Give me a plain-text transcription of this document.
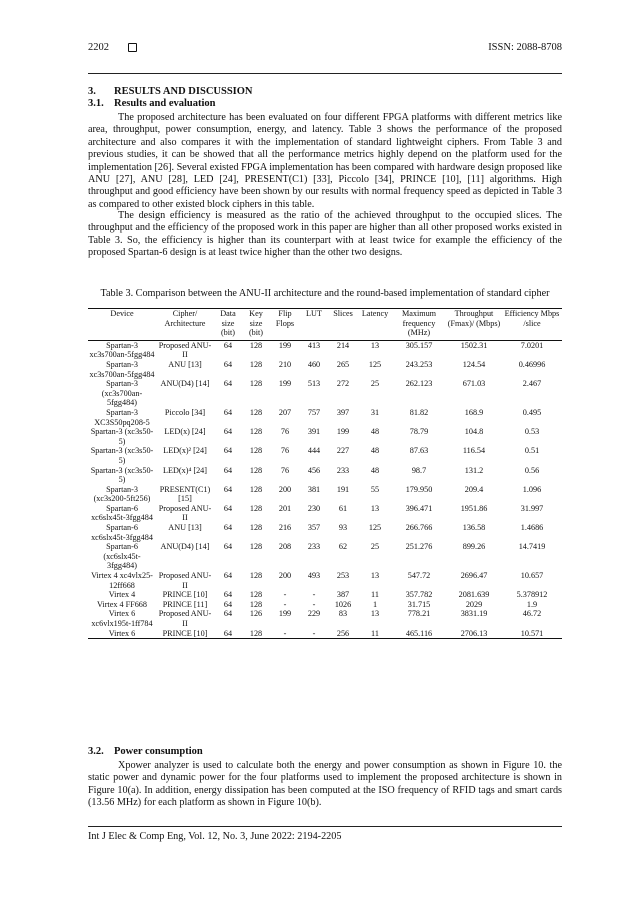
2202	ISSN: 2088-8708
3. RESULTS AND DISCUSSION
3.1. Results and evaluation

The proposed architecture has been evaluated on four different FPGA platforms with different metrics like area, throughput, power consumption, energy, and latency. Table 3 shows the performance of the proposed architecture and also compares it with the implementation of standard lightweight ciphers. From Table 3 and previous studies, it can be showed that all the performance metrics highly depend on the platform used for the implementation [26]. Several existed FPGA implementation has been compared with hardware design proposed like ANU [27], ANU [28], LED [24], PRESENT(C1) [33], Piccolo [34], PRINCE [10], [11] algorithms. High throughput and good efficiency have been shown by our results with normal frequency speed as depicted in Table 3 as compared to other existed block ciphers in this table.

The design efficiency is measured as the ratio of the achieved throughput to the occupied slices. The throughput and the efficiency of the proposed work in this paper are higher than all other proposed works existed in Table 3. So, the efficiency is higher than its counterpart with at least twice for example the efficiency of the proposed Spartan-6 design is at least twice higher than the other two designs.

Table 3. Comparison between the ANU-II architecture and the round-based implementation of standard cipher
Device	Cipher/ Architecture	Data size (bit)	Key size (bit)	Flip Flops	LUT	Slices	Latency	Maximum frequency (MHz)	Throughput (Fmax)/ (Mbps)	Efficiency Mbps /slice
Spartan-3 xc3s700an-5fgg484	Proposed ANU-II	64	128	199	413	214	13	305.157	1502.31	7.0201
Spartan-3 xc3s700an-5fgg484	ANU [13]	64	128	210	460	265	125	243.253	124.54	0.46996
Spartan-3 (xc3s700an-5fgg484)	ANU(D4) [14]	64	128	199	513	272	25	262.123	671.03	2.467
Spartan-3 XC3S50pq208-5	Piccolo [34]	64	128	207	757	397	31	81.82	168.9	0.495
Spartan-3 (xc3s50-5)	LED(x) [24]	64	128	76	391	199	48	78.79	104.8	0.53
Spartan-3 (xc3s50-5)	LED(x)² [24]	64	128	76	444	227	48	87.63	116.54	0.51
Spartan-3 (xc3s50-5)	LED(x)⁴ [24]	64	128	76	456	233	48	98.7	131.2	0.56
Spartan-3 (xc3s200-5ft256)	PRESENT(C1) [15]	64	128	200	381	191	55	179.950	209.4	1.096
Spartan-6 xc6slx45t-3fgg484	Proposed ANU-II	64	128	201	230	61	13	396.471	1951.86	31.997
Spartan-6 xc6slx45t-3fgg484	ANU [13]	64	128	216	357	93	125	266.766	136.58	1.4686
Spartan-6 (xc6slx45t-3fgg484)	ANU(D4) [14]	64	128	208	233	62	25	251.276	899.26	14.7419
Virtex 4 xc4vlx25-12ff668	Proposed ANU-II	64	128	200	493	253	13	547.72	2696.47	10.657
Virtex 4	PRINCE [10]	64	128	-	-	387	11	357.782	2081.639	5.378912
Virtex 4 FF668	PRINCE [11]	64	128	-	-	1026	1	31.715	2029	1.9
Virtex 6 xc6vlx195t-1ff784	Proposed ANU-II	64	126	199	229	83	13	778.21	3831.19	46.72
Virtex 6	PRINCE [10]	64	128	-	-	256	11	465.116	2706.13	10.571
3.2. Power consumption

Xpower analyzer is used to calculate both the energy and power consumption as shown in Figure 10. the static power and dynamic power for the four platforms used to implement the proposed architecture is shown in Figure 10(a). In addition, energy dissipation has been computed at the ISO frequency of RFID tags and smart cards (13.56 MHz) for each platform as shown in Figure 10(b).

Int J Elec & Comp Eng, Vol. 12, No. 3, June 2022: 2194-2205
